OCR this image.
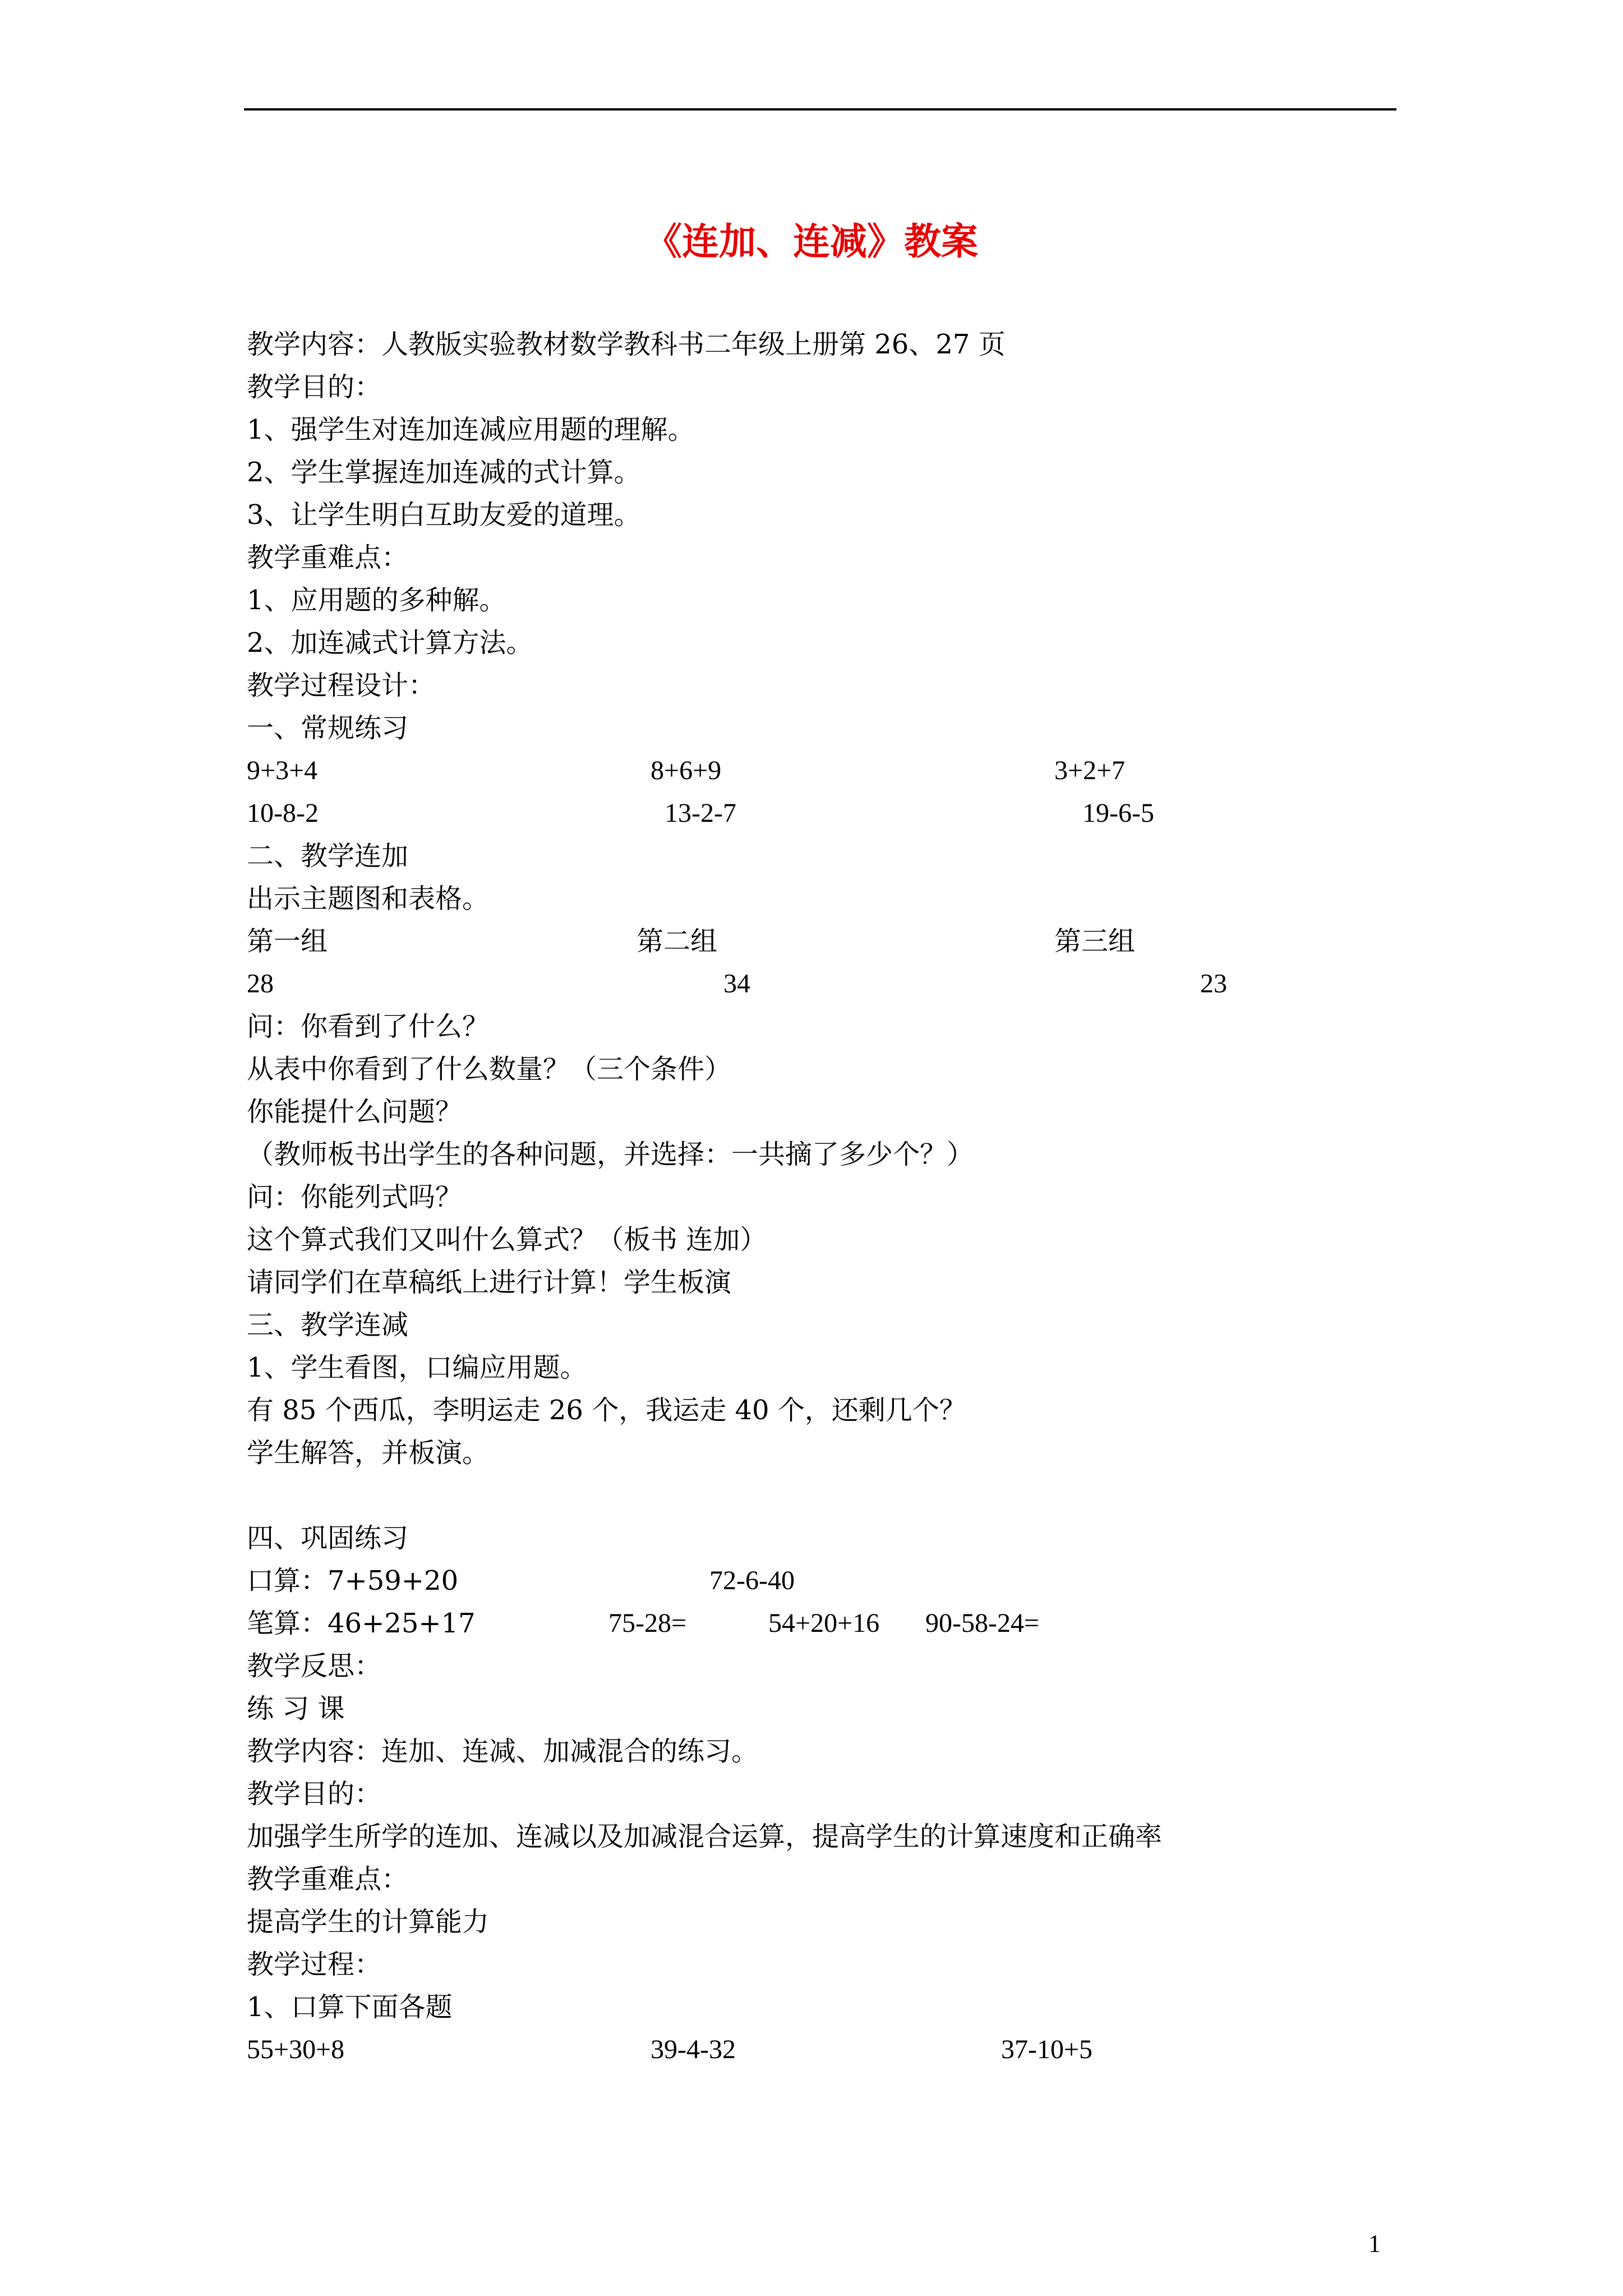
《连加、连减》教案
教学内容：人教版实验教材数学教科书二年级上册第 26、27 页
教学目的：
1、强学生对连加连减应用题的理解。
2、学生掌握连加连减的式计算。
3、让学生明白互助友爱的道理。
教学重难点：
1、应用题的多种解。
2、加连减式计算方法。
教学过程设计：
一、常规练习
9+3+4	8+6+9	3+2+7
10-8-2	13-2-7	19-6-5
二、教学连加
出示主题图和表格。
第一组	第二组	第三组
28	34	23
问：你看到了什么？
从表中你看到了什么数量？（三个条件）
你能提什么问题？
（教师板书出学生的各种问题，并选择：一共摘了多少个？）
问：你能列式吗？
这个算式我们又叫什么算式？（板书 连加）
请同学们在草稿纸上进行计算！学生板演
三、教学连减
1、学生看图，口编应用题。
有 85 个西瓜，李明运走 26 个，我运走 40 个，还剩几个？
学生解答，并板演。
四、巩固练习
口算：7+59+20	72-6-40
笔算：46+25+17	75-28=	54+20+16 90-58-24=
教学反思：
练 习 课
教学内容：连加、连减、加减混合的练习。
教学目的：
加强学生所学的连加、连减以及加减混合运算，提高学生的计算速度和正确率
教学重难点：
提高学生的计算能力
教学过程：
1、口算下面各题
55+30+8	39-4-32	37-10+5
1
